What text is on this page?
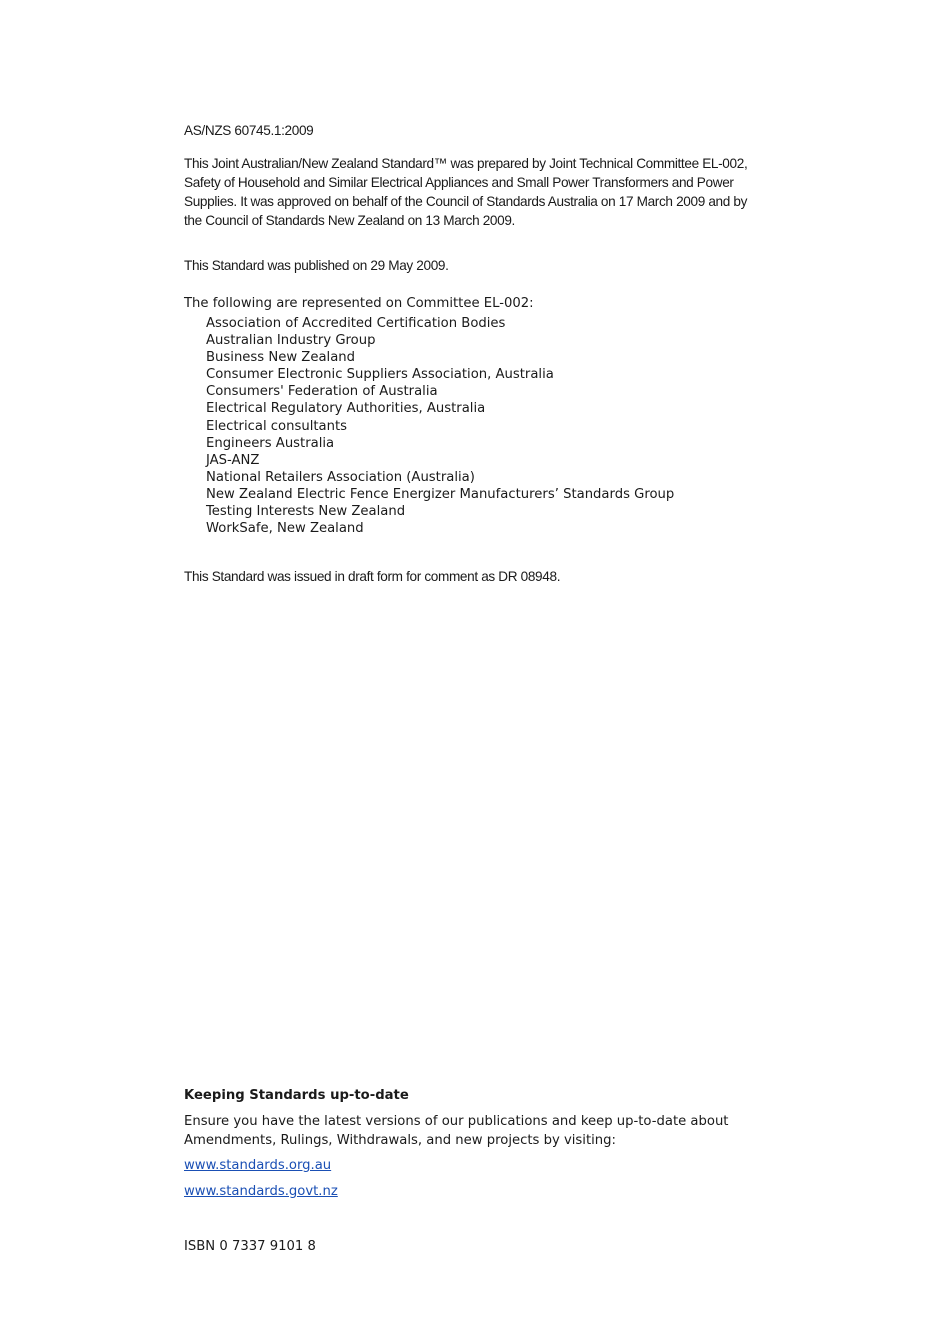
AS/NZS 60745.1:2009

This Joint Australian/New Zealand Standard™ was prepared by Joint Technical Committee EL-002, Safety of Household and Similar Electrical Appliances and Small Power Transformers and Power Supplies. It was approved on behalf of the Council of Standards Australia on 17 March 2009 and by the Council of Standards New Zealand on 13 March 2009.

This Standard was published on 29 May 2009.

The following are represented on Committee EL-002:

Association of Accredited Certification Bodies
Australian Industry Group
Business New Zealand
Consumer Electronic Suppliers Association, Australia
Consumers' Federation of Australia
Electrical Regulatory Authorities, Australia
Electrical consultants
Engineers Australia
JAS-ANZ
National Retailers Association (Australia)
New Zealand Electric Fence Energizer Manufacturers’ Standards Group
Testing Interests New Zealand
WorkSafe, New Zealand

This Standard was issued in draft form for comment as DR 08948.

Keeping Standards up-to-date

Ensure you have the latest versions of our publications and keep up-to-date about Amendments, Rulings, Withdrawals, and new projects by visiting:

www.standards.org.au

www.standards.govt.nz

ISBN 0 7337 9101 8
